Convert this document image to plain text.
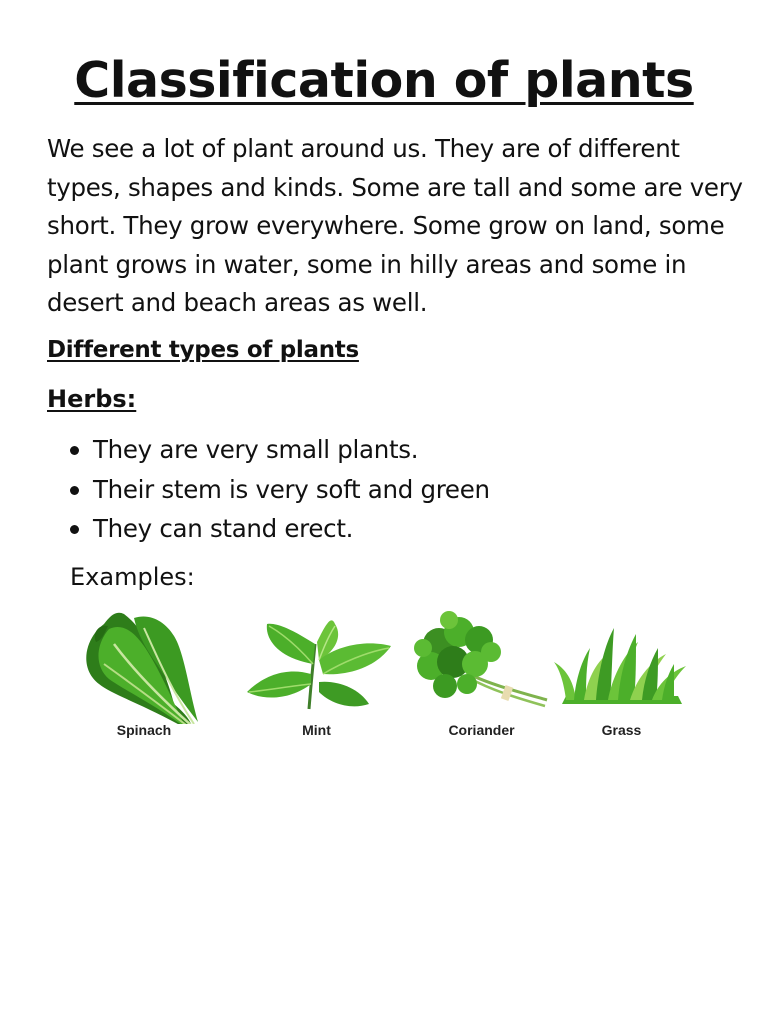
Classification of plants

We see a lot of plant around us. They are of different types, shapes and kinds. Some are tall and some are very short. They grow everywhere. Some grow on land, some plant grows in water, some in hilly areas and some in desert and beach areas as well.

Different types of plants
Herbs:
They are very small plants.
Their stem is very soft and green
They can stand erect.

Examples:

Spinach	Mint	Coriander	Grass
